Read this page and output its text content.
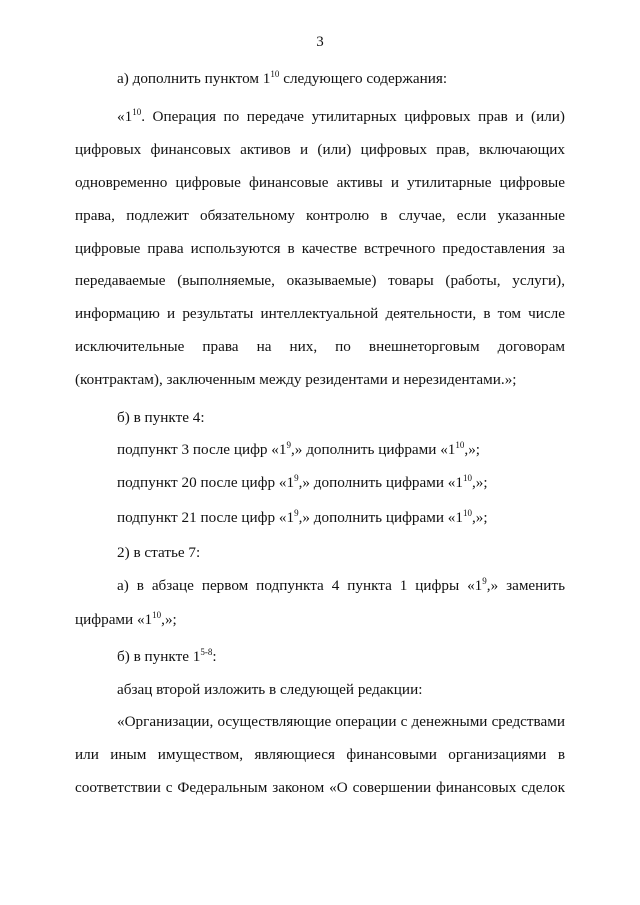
3
а) дополнить пунктом $1^{10}$ следующего содержания:
«$1^{10}$. Операция по передаче утилитарных цифровых прав и (или)
цифровых финансовых активов и (или) цифровых прав, включающих
одновременно цифровые финансовые активы и утилитарные цифровые
права, подлежит обязательному контролю в случае, если указанные
цифровые права используются в качестве встречного предоставления за
передаваемые (выполняемые, оказываемые) товары (работы, услуги),
информацию и результаты интеллектуальной деятельности, в том числе
исключительные права на них, по внешнеторговым договорам
(контрактам), заключенным между резидентами и нерезидентами.»;
б) в пункте 4:
подпункт 3 после цифр «$1^9$,» дополнить цифрами «$1^{10}$,»;
подпункт 20 после цифр «$1^9$,» дополнить цифрами «$1^{10}$,»;
подпункт 21 после цифр «$1^9$,» дополнить цифрами «$1^{10}$,»;
2) в статье 7:
а) в абзаце первом подпункта 4 пункта 1 цифры «$1^9$,» заменить
цифрами «$1^{10}$,»;
б) в пункте 1$^{5-8}$:
абзац второй изложить в следующей редакции:
«Организации, осуществляющие операции с денежными средствами
или иным имуществом, являющиеся финансовыми организациями в
соответствии с Федеральным законом «О совершении финансовых сделок
